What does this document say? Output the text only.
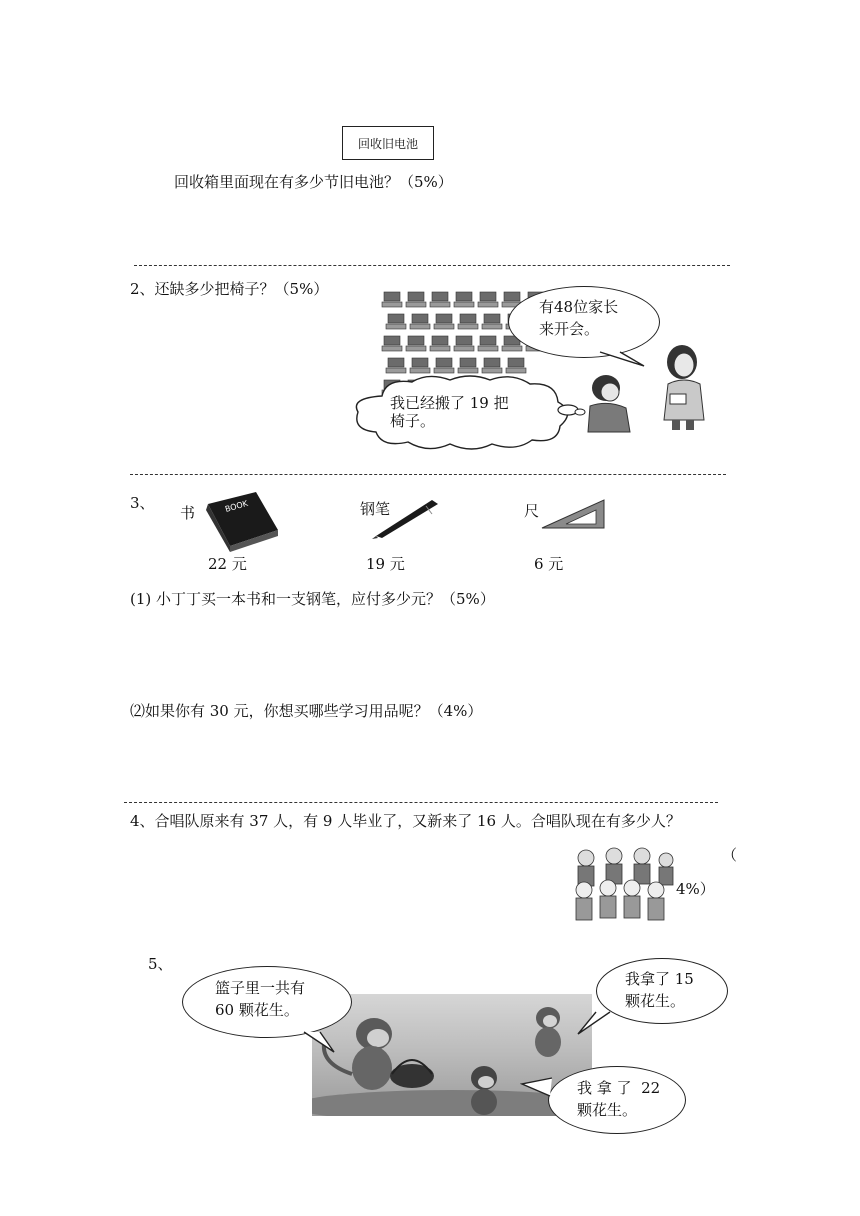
回收旧电池
回收箱里面现在有多少节旧电池？（5%）
2、还缺多少把椅子？（5%）
有48位家长
来开会。
我已经搬了 19 把
椅子。
3、
书	BOOK
22 元
钢笔
19 元
尺
6 元
(1) 小丁丁买一本书和一支钢笔，应付多少元？（5%）
⑵如果你有 30 元，你想买哪些学习用品呢？（4%）
4、合唱队原来有 37 人，有 9 人毕业了，又新来了 16 人。合唱队现在有多少人？
（
4%）
5、
篮子里一共有
60 颗花生。
我拿了 15
颗花生。
我 拿 了  22
颗花生。
